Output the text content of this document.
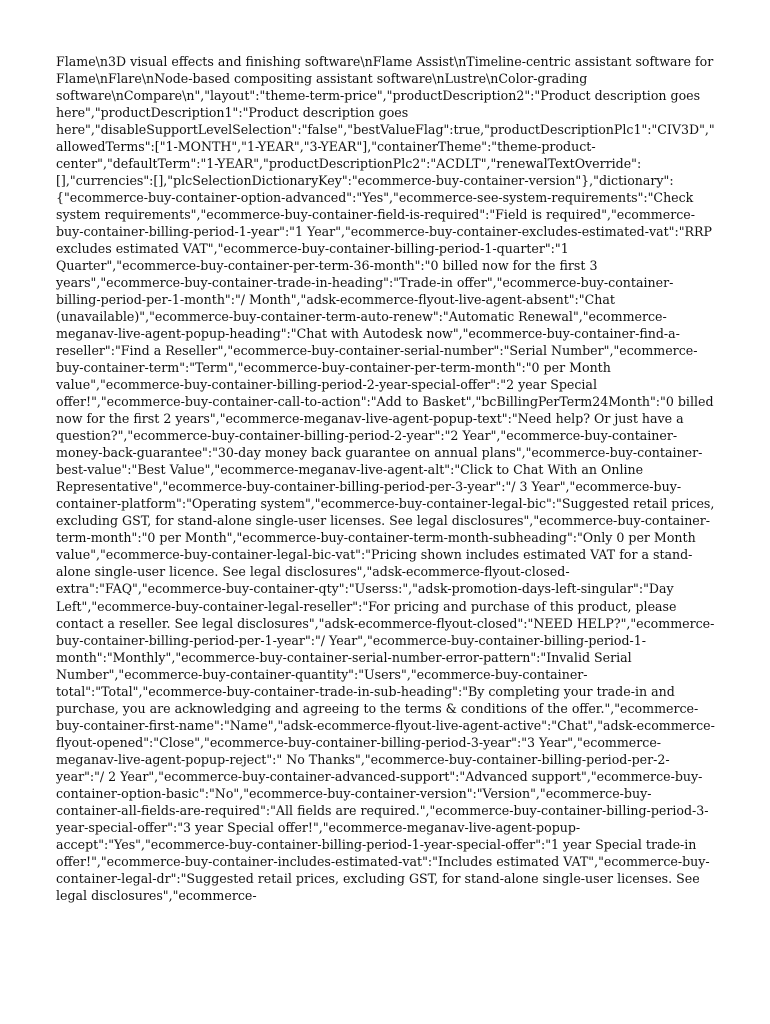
Flame\n3D visual effects and finishing software\nFlame Assist\nTimeline-centric assistant software for Flame\nFlare\nNode-based compositing assistant software\nLustre\nColor-grading software\nCompare\n","layout":"theme-term-price","productDescription2":"Product description goes here","productDescription1":"Product description goes here","disableSupportLevelSelection":"false","bestValueFlag":true,"productDescriptionPlc1":"CIV3D","allowedTerms":["1-MONTH","1-YEAR","3-YEAR"],"containerTheme":"theme-product-center","defaultTerm":"1-YEAR","productDescriptionPlc2":"ACDLT","renewalTextOverride":[],"currencies":[],"plcSelectionDictionaryKey":"ecommerce-buy-container-version"},"dictionary":{"ecommerce-buy-container-option-advanced":"Yes","ecommerce-see-system-requirements":"Check system requirements","ecommerce-buy-container-field-is-required":"Field is required","ecommerce-buy-container-billing-period-1-year":"1 Year","ecommerce-buy-container-excludes-estimated-vat":"RRP excludes estimated VAT","ecommerce-buy-container-billing-period-1-quarter":"1 Quarter","ecommerce-buy-container-per-term-36-month":"0 billed now for the first 3 years","ecommerce-buy-container-trade-in-heading":"Trade-in offer","ecommerce-buy-container-billing-period-per-1-month":"/ Month","adsk-ecommerce-flyout-live-agent-absent":"Chat (unavailable)","ecommerce-buy-container-term-auto-renew":"Automatic Renewal","ecommerce-meganav-live-agent-popup-heading":"Chat with Autodesk now","ecommerce-buy-container-find-a-reseller":"Find a Reseller","ecommerce-buy-container-serial-number":"Serial Number","ecommerce-buy-container-term":"Term","ecommerce-buy-container-per-term-month":"0 per Month value","ecommerce-buy-container-billing-period-2-year-special-offer":"2 year Special offer!","ecommerce-buy-container-call-to-action":"Add to Basket","bcBillingPerTerm24Month":"0 billed now for the first 2 years","ecommerce-meganav-live-agent-popup-text":"Need help? Or just have a question?","ecommerce-buy-container-billing-period-2-year":"2 Year","ecommerce-buy-container-money-back-guarantee":"30-day money back guarantee on annual plans","ecommerce-buy-container-best-value":"Best Value","ecommerce-meganav-live-agent-alt":"Click to Chat With an Online Representative","ecommerce-buy-container-billing-period-per-3-year":"/ 3 Year","ecommerce-buy-container-platform":"Operating system","ecommerce-buy-container-legal-bic":"Suggested retail prices, excluding GST, for stand-alone single-user licenses. See legal disclosures","ecommerce-buy-container-term-month":"0 per Month","ecommerce-buy-container-term-month-subheading":"Only 0 per Month value","ecommerce-buy-container-legal-bic-vat":"Pricing shown includes estimated VAT for a stand-alone single-user licence. See legal disclosures","adsk-ecommerce-flyout-closed-extra":"FAQ","ecommerce-buy-container-qty":"Userss:","adsk-promotion-days-left-singular":"Day Left","ecommerce-buy-container-legal-reseller":"For pricing and purchase of this product, please contact a reseller. See legal disclosures","adsk-ecommerce-flyout-closed":"NEED HELP?","ecommerce-buy-container-billing-period-per-1-year":"/ Year","ecommerce-buy-container-billing-period-1-month":"Monthly","ecommerce-buy-container-serial-number-error-pattern":"Invalid Serial Number","ecommerce-buy-container-quantity":"Users","ecommerce-buy-container-total":"Total","ecommerce-buy-container-trade-in-sub-heading":"By completing your trade-in and purchase, you are acknowledging and agreeing to the terms & conditions of the offer.","ecommerce-buy-container-first-name":"Name","adsk-ecommerce-flyout-live-agent-active":"Chat","adsk-ecommerce-flyout-opened":"Close","ecommerce-buy-container-billing-period-3-year":"3 Year","ecommerce-meganav-live-agent-popup-reject":" No Thanks","ecommerce-buy-container-billing-period-per-2-year":"/ 2 Year","ecommerce-buy-container-advanced-support":"Advanced support","ecommerce-buy-container-option-basic":"No","ecommerce-buy-container-version":"Version","ecommerce-buy-container-all-fields-are-required":"All fields are required.","ecommerce-buy-container-billing-period-3-year-special-offer":"3 year Special offer!","ecommerce-meganav-live-agent-popup-accept":"Yes","ecommerce-buy-container-billing-period-1-year-special-offer":"1 year Special trade-in offer!","ecommerce-buy-container-includes-estimated-vat":"Includes estimated VAT","ecommerce-buy-container-legal-dr":"Suggested retail prices, excluding GST, for stand-alone single-user licenses. See legal disclosures","ecommerce-
